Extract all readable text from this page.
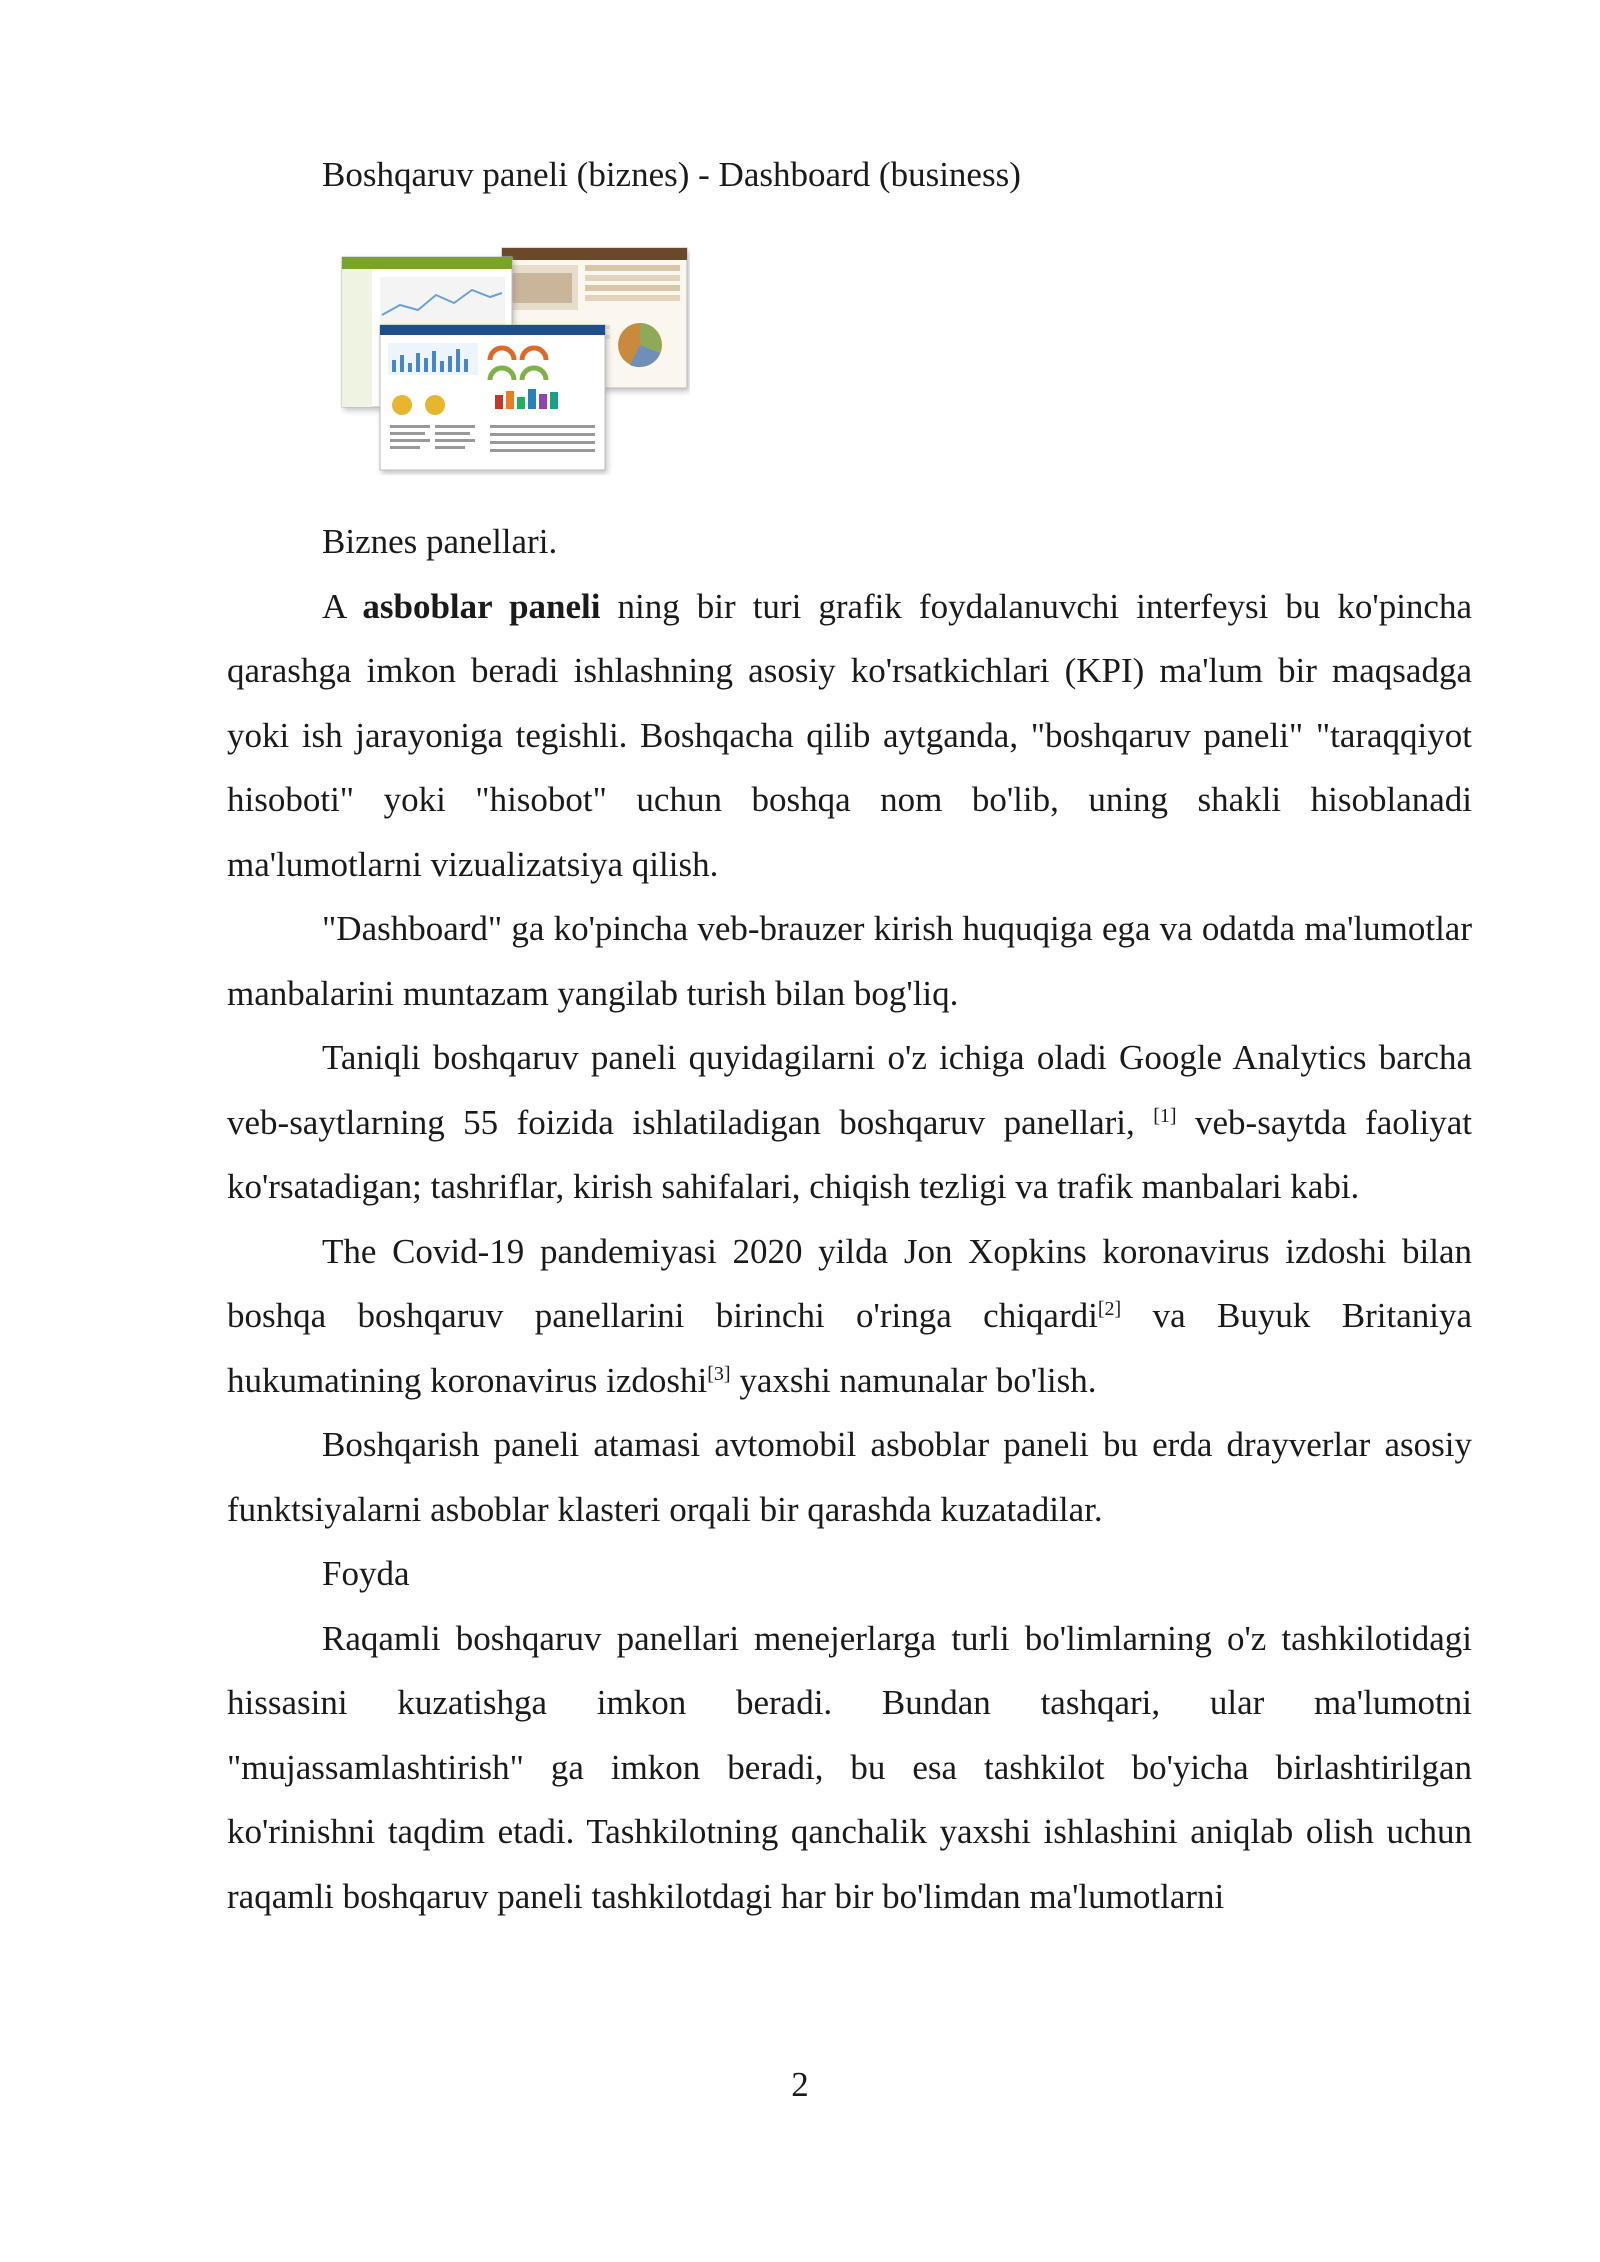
Boshqaruv paneli (biznes) - Dashboard (business)

Biznes panellari.

A asboblar paneli ning bir turi grafik foydalanuvchi interfeysi bu ko'pincha qarashga imkon beradi ishlashning asosiy ko'rsatkichlari (KPI) ma'lum bir maqsadga yoki ish jarayoniga tegishli. Boshqacha qilib aytganda, "boshqaruv paneli" "taraqqiyot hisoboti" yoki "hisobot" uchun boshqa nom bo'lib, uning shakli hisoblanadi ma'lumotlarni vizualizatsiya qilish.

"Dashboard" ga ko'pincha veb-brauzer kirish huquqiga ega va odatda ma'lumotlar manbalarini muntazam yangilab turish bilan bog'liq.

Taniqli boshqaruv paneli quyidagilarni o'z ichiga oladi Google Analytics barcha veb-saytlarning 55 foizida ishlatiladigan boshqaruv panellari, [1] veb-saytda faoliyat ko'rsatadigan; tashriflar, kirish sahifalari, chiqish tezligi va trafik manbalari kabi.

The Covid-19 pandemiyasi 2020 yilda Jon Xopkins koronavirus izdoshi bilan boshqa boshqaruv panellarini birinchi o'ringa chiqardi[2] va Buyuk Britaniya hukumatining koronavirus izdoshi[3] yaxshi namunalar bo'lish.

Boshqarish paneli atamasi avtomobil asboblar paneli bu erda drayverlar asosiy funktsiyalarni asboblar klasteri orqali bir qarashda kuzatadilar.

Foyda

Raqamli boshqaruv panellari menejerlarga turli bo'limlarning o'z tashkilotidagi hissasini kuzatishga imkon beradi. Bundan tashqari, ular ma'lumotni "mujassamlashtirish" ga imkon beradi, bu esa tashkilot bo'yicha birlashtirilgan ko'rinishni taqdim etadi. Tashkilotning qanchalik yaxshi ishlashini aniqlab olish uchun raqamli boshqaruv paneli tashkilotdagi har bir bo'limdan ma'lumotlarni

2
